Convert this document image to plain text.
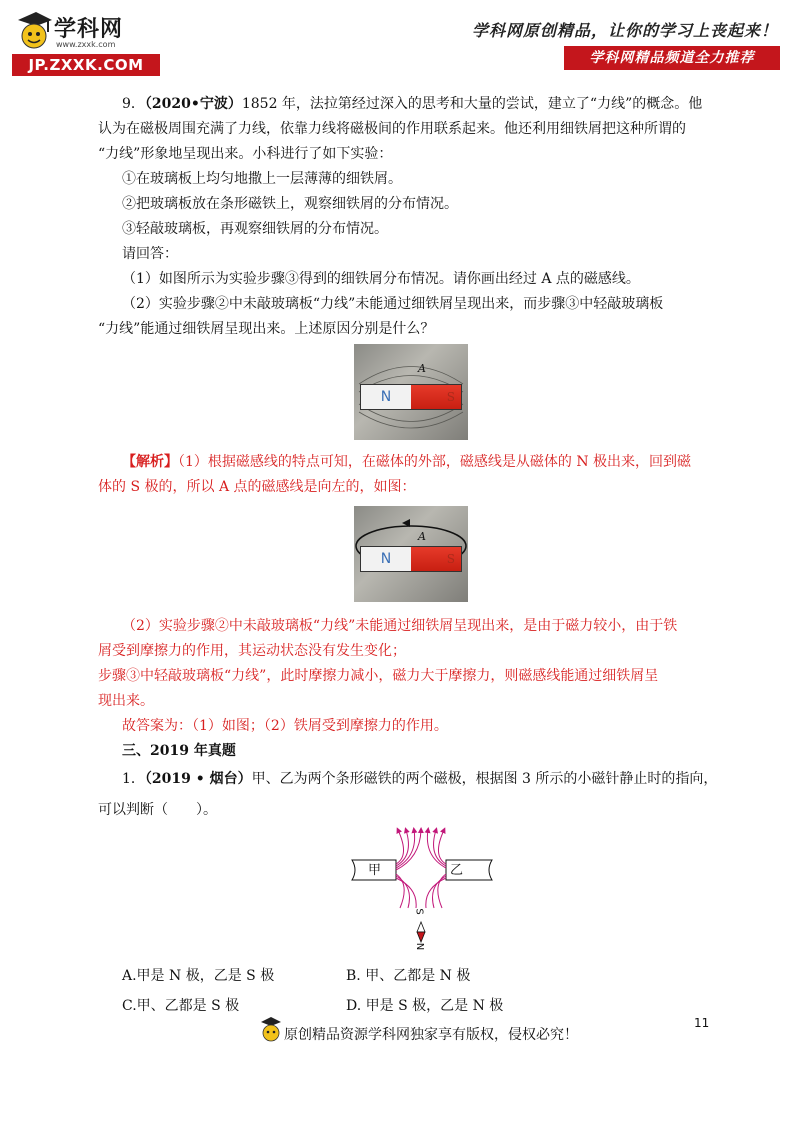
学科网
www.zxxk.com
JP.ZXXK.COM
学科网原创精品，让你的学习上丧起来！
学科网精品频道全力推荐
9．（2020•宁波）1852 年，法拉第经过深入的思考和大量的尝试，建立了“力线”的概念。他
认为在磁极周围充满了力线，依靠力线将磁极间的作用联系起来。他还利用细铁屑把这种所谓的
“力线”形象地呈现出来。小科进行了如下实验：
①在玻璃板上均匀地撒上一层薄薄的细铁屑。
②把玻璃板放在条形磁铁上，观察细铁屑的分布情况。
③轻敲玻璃板，再观察细铁屑的分布情况。
请回答：
（1）如图所示为实验步骤③得到的细铁屑分布情况。请你画出经过 A 点的磁感线。
（2）实验步骤②中未敲玻璃板“力线”未能通过细铁屑呈现出来，而步骤③中轻敲玻璃板
“力线”能通过细铁屑呈现出来。上述原因分别是什么？
A
N	S
【解析】（1）根据磁感线的特点可知，在磁体的外部，磁感线是从磁体的 N 极出来，回到磁
体的 S 极的，所以 A 点的磁感线是向左的，如图：
A
N	S
（2）实验步骤②中未敲玻璃板“力线”未能通过细铁屑呈现出来，是由于磁力较小，由于铁
屑受到摩擦力的作用，其运动状态没有发生变化；
步骤③中轻敲玻璃板“力线”，此时摩擦力减小，磁力大于摩擦力，则磁感线能通过细铁屑呈
现出来。
故答案为：（1）如图；（2）铁屑受到摩擦力的作用。
三、2019 年真题
1．（2019 • 烟台）甲、乙为两个条形磁铁的两个磁极，根据图 3 所示的小磁针静止时的指向，
可以判断（　　）。
甲	乙
S
N
A.甲是 N 极，乙是 S 极	B. 甲、乙都是 N 极
C.甲、乙都是 S 极	D. 甲是 S 极，乙是 N 极
11
原创精品资源学科网独家享有版权，侵权必究！
